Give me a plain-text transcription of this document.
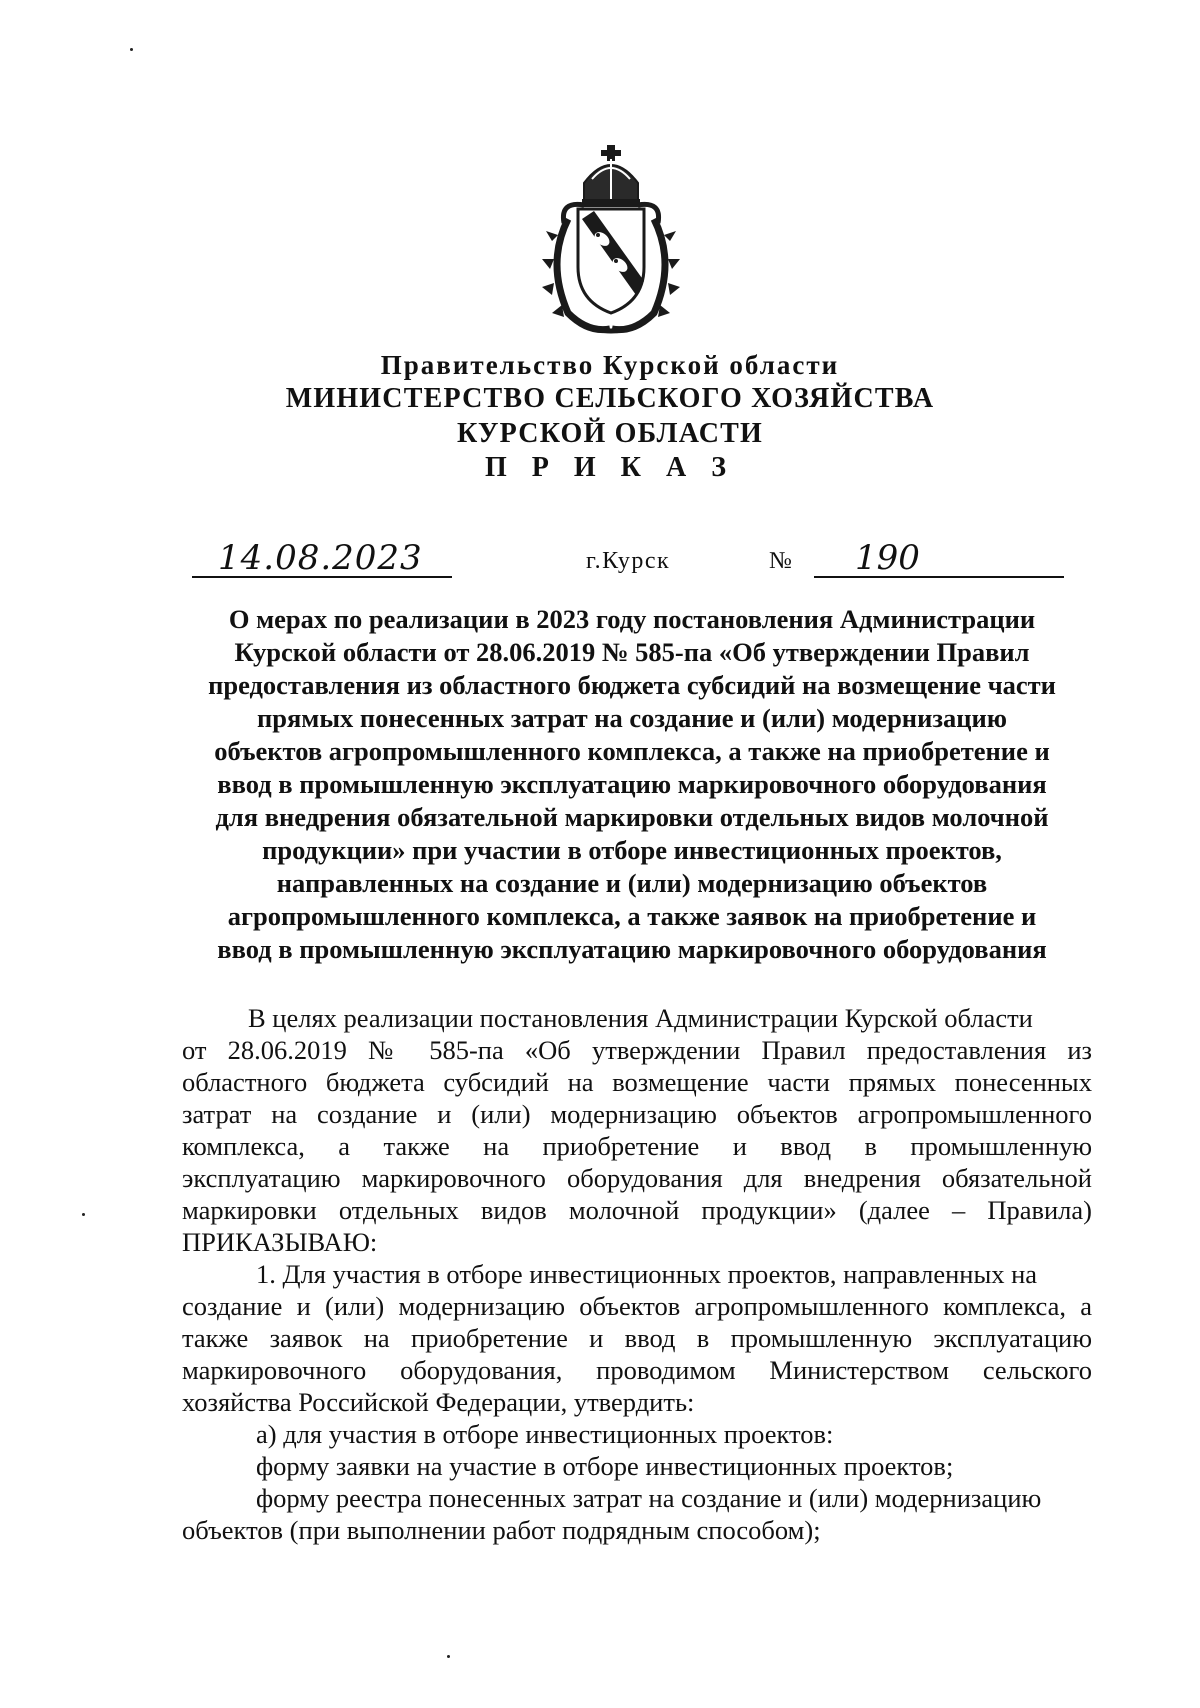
Правительство Курской области
МИНИСТЕРСТВО СЕЛЬСКОГО ХОЗЯЙСТВА
КУРСКОЙ ОБЛАСТИ
П Р И К А З
14.08.2023	г.Курск	№ 190
О мерах по реализации в 2023 году постановления Администрации
Курской области от 28.06.2019 № 585-па «Об утверждении Правил
предоставления из областного бюджета субсидий на возмещение части
прямых понесенных затрат на создание и (или) модернизацию
объектов агропромышленного комплекса, а также на приобретение и
ввод в промышленную эксплуатацию маркировочного оборудования
для внедрения обязательной маркировки отдельных видов молочной
продукции» при участии в отборе инвестиционных проектов,
направленных на создание и (или) модернизацию объектов
агропромышленного комплекса, а также заявок на приобретение и
ввод в промышленную эксплуатацию маркировочного оборудования
В целях реализации постановления Администрации Курской области
от 28.06.2019 № 585-па «Об утверждении Правил предоставления из
областного бюджета субсидий на возмещение части прямых понесенных
затрат на создание и (или) модернизацию объектов агропромышленного
комплекса, а также на приобретение и ввод в промышленную
эксплуатацию маркировочного оборудования для внедрения обязательной
маркировки отдельных видов молочной продукции» (далее – Правила)
ПРИКАЗЫВАЮ:
1. Для участия в отборе инвестиционных проектов, направленных на
создание и (или) модернизацию объектов агропромышленного комплекса, а
также заявок на приобретение и ввод в промышленную эксплуатацию
маркировочного оборудования, проводимом Министерством сельского
хозяйства Российской Федерации, утвердить:
а) для участия в отборе инвестиционных проектов:
форму заявки на участие в отборе инвестиционных проектов;
форму реестра понесенных затрат на создание и (или) модернизацию
объектов (при выполнении работ подрядным способом);
